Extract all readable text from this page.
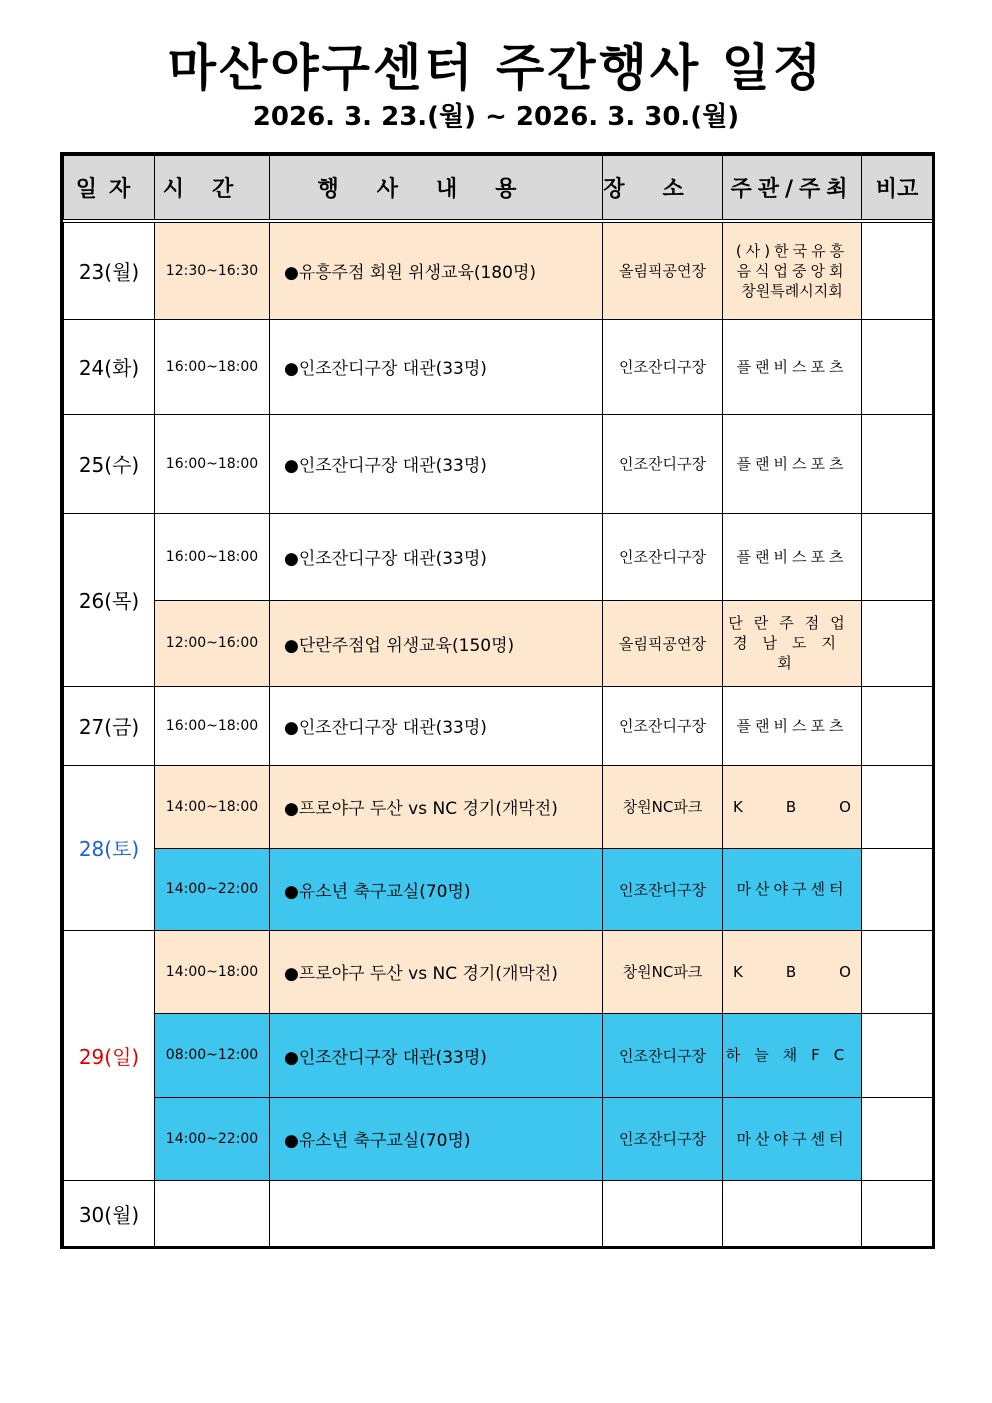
마산야구센터 주간행사 일정
2026. 3. 23.(월) ~ 2026. 3. 30.(월)
일자	시간	행사내용	장소	주관/주최	비고
23(월)	12:30~16:30	●유흥주점 회원 위생교육(180명)	올림픽공연장	(사)한국유흥
음식업중앙회
창원특례시지회	

24(화)	16:00~18:00	●인조잔디구장 대관(33명)	인조잔디구장	플랜비스포츠	
25(수)	16:00~18:00	●인조잔디구장 대관(33명)	인조잔디구장	플랜비스포츠	
26(목)	16:00~18:00	●인조잔디구장 대관(33명)	인조잔디구장	플랜비스포츠	
	12:00~16:00	●단란주점업 위생교육(150명)	올림픽공연장	단란주점업
경남도지회	

27(금)	16:00~18:00	●인조잔디구장 대관(33명)	인조잔디구장	플랜비스포츠	
28(토)	14:00~18:00	●프로야구 두산 vs NC 경기(개막전)	창원NC파크	K B O	

	14:00~22:00	●유소년 축구교실(70명)	인조잔디구장	마산야구센터	
29(일)	14:00~18:00	●프로야구 두산 vs NC 경기(개막전)	창원NC파크	K B O	

	08:00~12:00	●인조잔디구장 대관(33명)	인조잔디구장	하늘채FC	
	14:00~22:00	●유소년 축구교실(70명)	인조잔디구장	마산야구센터	
30(월)					
